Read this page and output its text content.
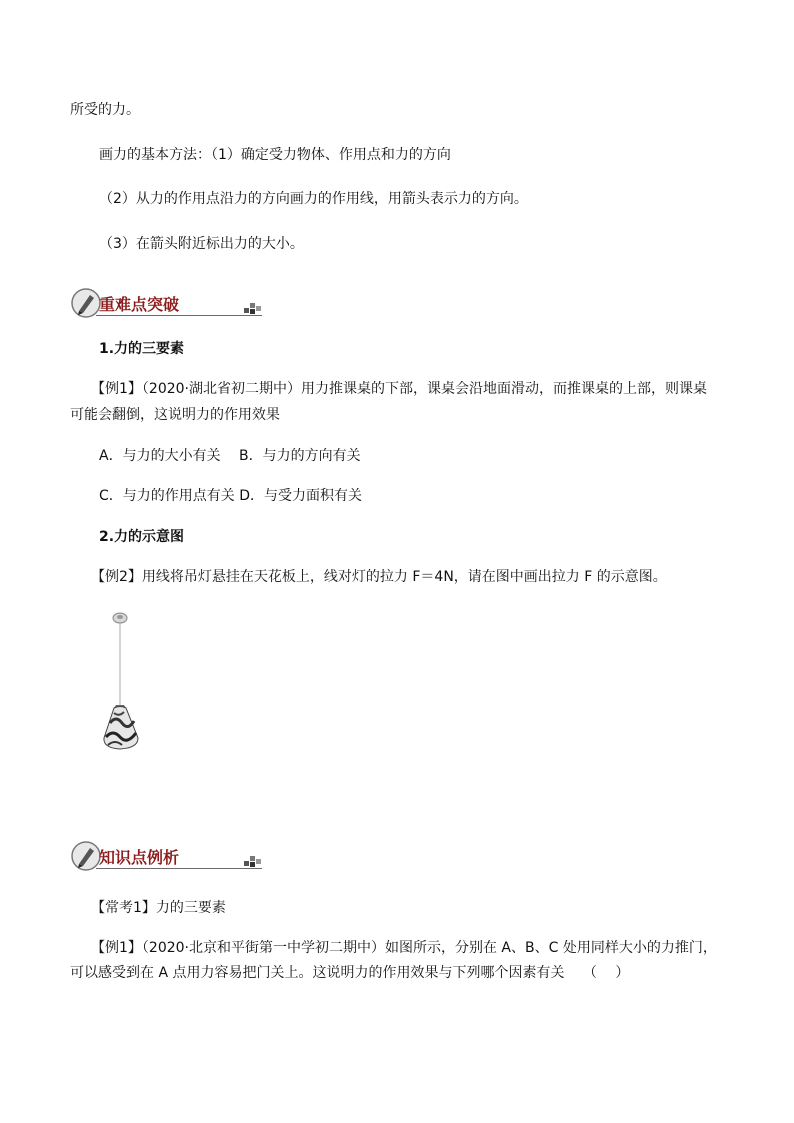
所受的力。
画力的基本方法：（1）确定受力物体、作用点和力的方向
（2）从力的作用点沿力的方向画力的作用线，用箭头表示力的方向。
（3）在箭头附近标出力的大小。
重难点突破
1.力的三要素
【例1】（2020·湖北省初二期中）用力推课桌的下部，课桌会沿地面滑动，而推课桌的上部，则课桌
可能会翻倒，这说明力的作用效果
A．与力的大小有关　 B．与力的方向有关
C．与力的作用点有关 D．与受力面积有关
2.力的示意图
【例2】用线将吊灯悬挂在天花板上，线对灯的拉力 F＝4N，请在图中画出拉力 F 的示意图。
知识点例析
【常考1】力的三要素
【例1】（2020·北京和平街第一中学初二期中）如图所示，分别在 A、B、C 处用同样大小的力推门，
可以感受到在 A 点用力容易把门关上。这说明力的作用效果与下列哪个因素有关　 （　 ）
